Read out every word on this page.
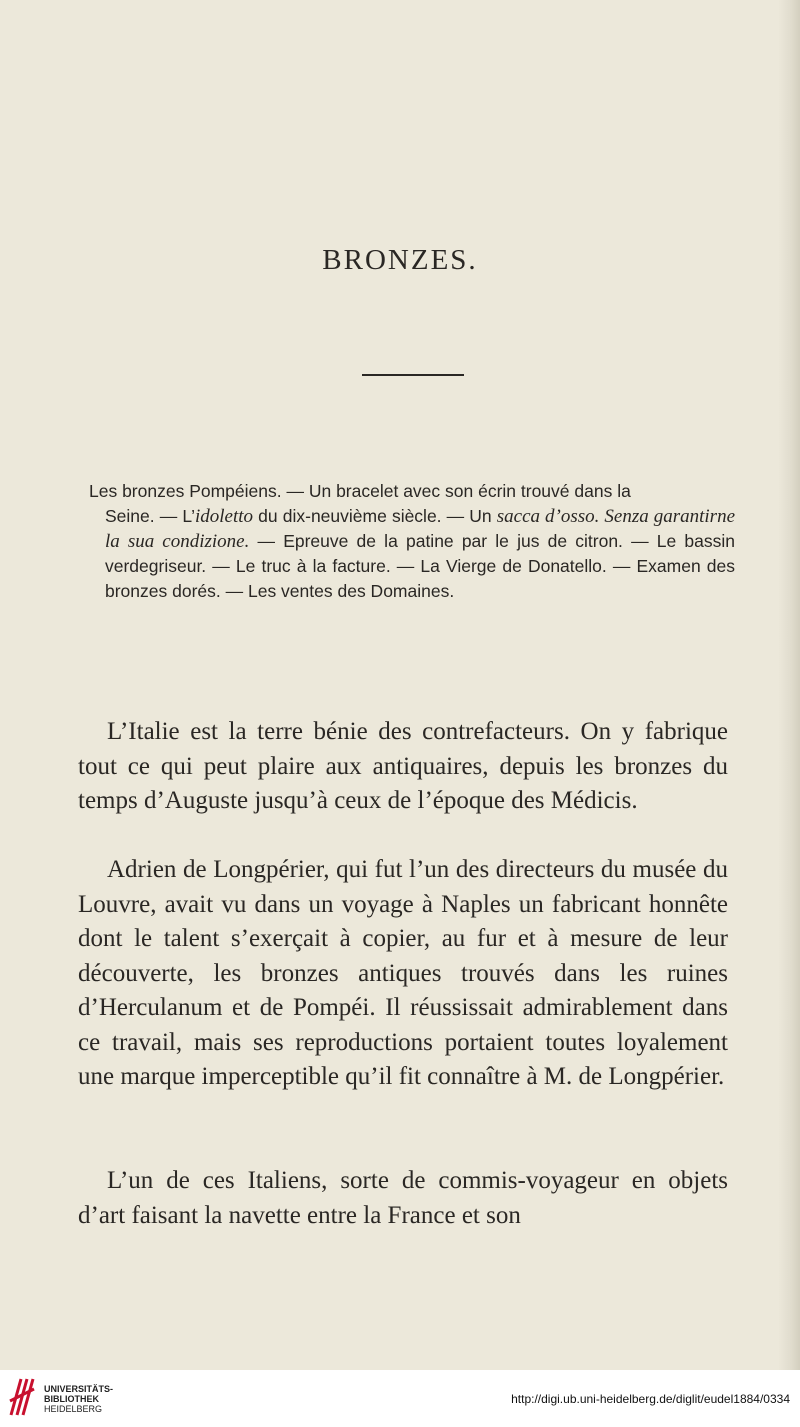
BRONZES.
Les bronzes Pompéiens. — Un bracelet avec son écrin trouvé dans la
Seine. — L’idoletto du dix-neuvième siècle. — Un sacca d’osso. Senza garantirne la sua condizione. — Epreuve de la patine par le jus de citron. — Le bassin verdegriseur. — Le truc à la facture. — La Vierge de Donatello. — Examen des bronzes dorés. — Les ventes des Domaines.

L’Italie est la terre bénie des contrefacteurs. On y fabrique tout ce qui peut plaire aux antiquaires, depuis les bronzes du temps d’Auguste jusqu’à ceux de l’époque des Médicis.

Adrien de Longpérier, qui fut l’un des directeurs du musée du Louvre, avait vu dans un voyage à Naples un fabricant honnête dont le talent s’exerçait à copier, au fur et à mesure de leur découverte, les bronzes antiques trouvés dans les ruines d’Herculanum et de Pompéi. Il réussissait admirablement dans ce travail, mais ses reproductions portaient toutes loyalement une marque imperceptible qu’il fit connaître à M. de Longpérier.

L’un de ces Italiens, sorte de commis-voyageur en objets d’art faisant la navette entre la France et son

UNIVERSITÄTS-
BIBLIOTHEK
HEIDELBERG
http://digi.ub.uni-heidelberg.de/diglit/eudel1884/0334
